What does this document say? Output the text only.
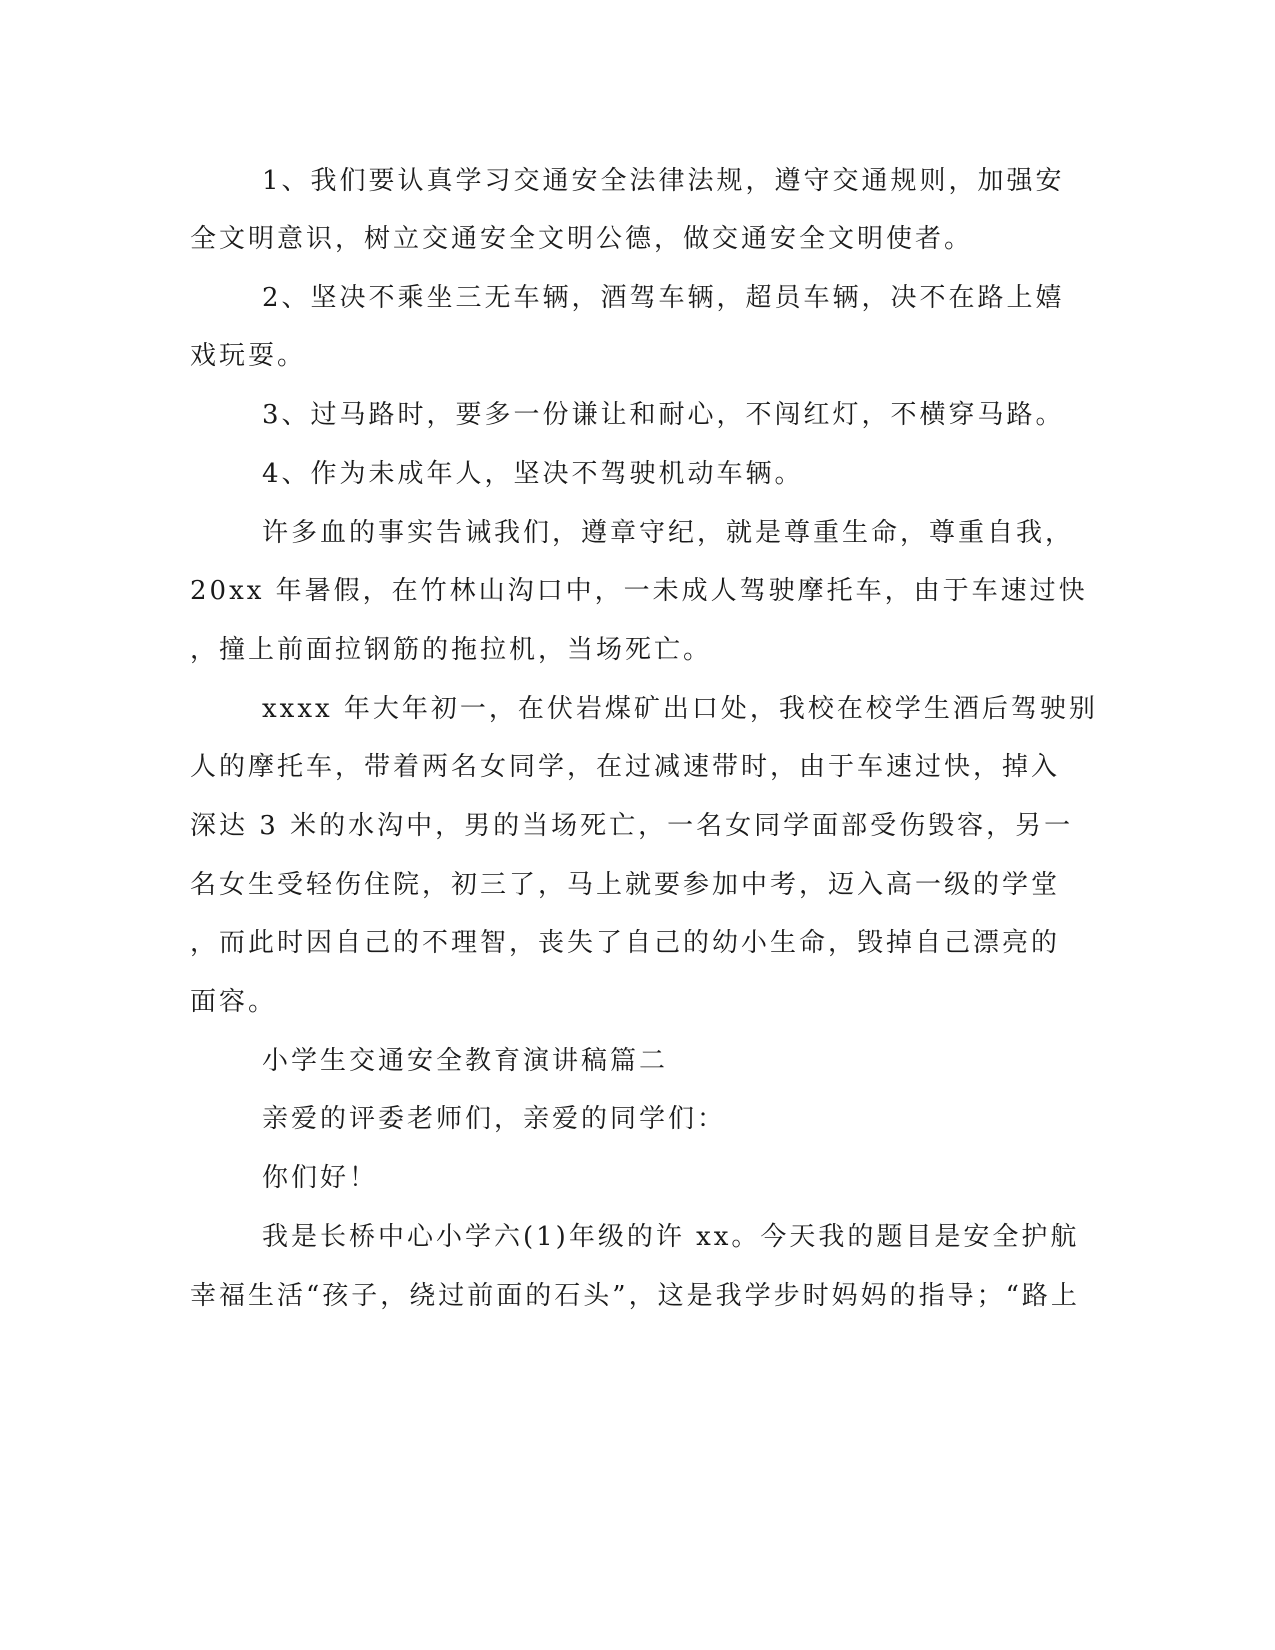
1、我们要认真学习交通安全法律法规，遵守交通规则，加强安
全文明意识，树立交通安全文明公德，做交通安全文明使者。
2、坚决不乘坐三无车辆，酒驾车辆，超员车辆，决不在路上嬉
戏玩耍。
3、过马路时，要多一份谦让和耐心，不闯红灯，不横穿马路。
4、作为未成年人，坚决不驾驶机动车辆。
许多血的事实告诫我们，遵章守纪，就是尊重生命，尊重自我，
20xx 年暑假，在竹林山沟口中，一未成人驾驶摩托车，由于车速过快
，撞上前面拉钢筋的拖拉机，当场死亡。
xxxx 年大年初一，在伏岩煤矿出口处，我校在校学生酒后驾驶别
人的摩托车，带着两名女同学，在过减速带时，由于车速过快，掉入
深达 3 米的水沟中，男的当场死亡，一名女同学面部受伤毁容，另一
名女生受轻伤住院，初三了，马上就要参加中考，迈入高一级的学堂
，而此时因自己的不理智，丧失了自己的幼小生命，毁掉自己漂亮的
面容。
小学生交通安全教育演讲稿篇二
亲爱的评委老师们，亲爱的同学们：
你们好！
我是长桥中心小学六(1)年级的许 xx。今天我的题目是安全护航
幸福生活“孩子，绕过前面的石头”，这是我学步时妈妈的指导；“路上
